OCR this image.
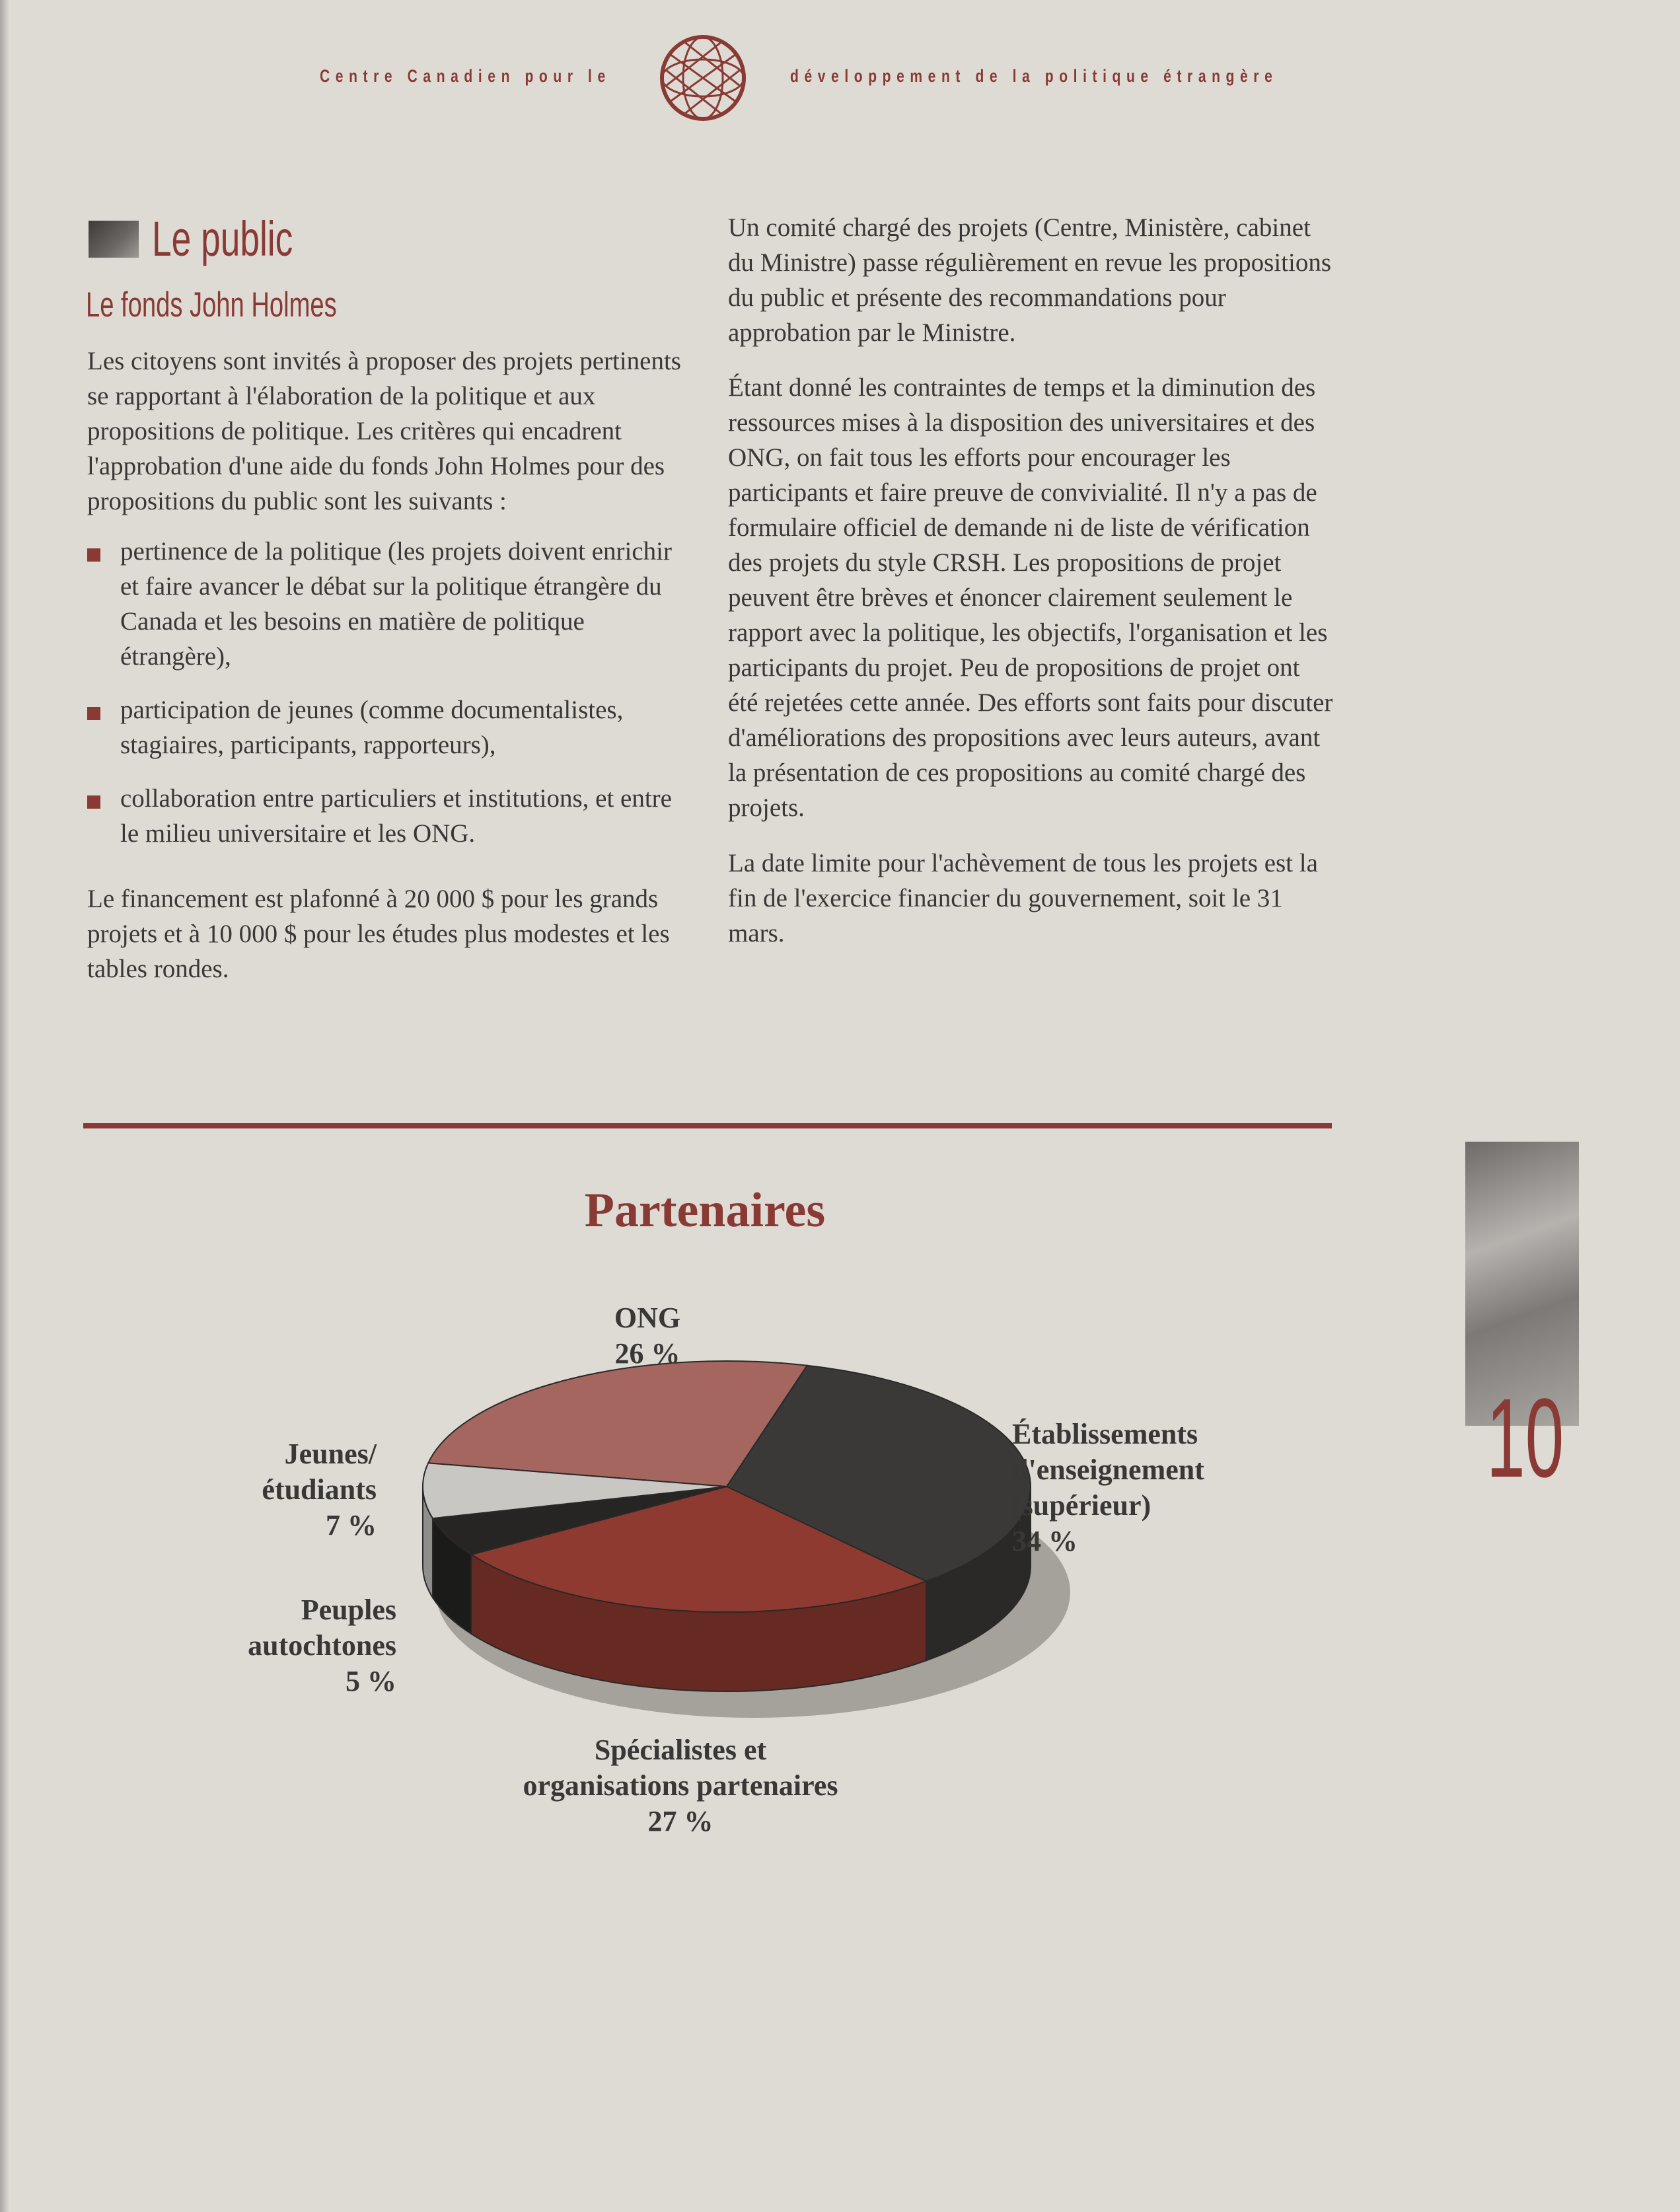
Centre Canadien pour le	développement de la politique étrangère
Le public
Le fonds John Holmes

Les citoyens sont invités à proposer des projets pertinents se rapportant à l'élaboration de la politique et aux propositions de politique. Les critères qui encadrent l'approbation d'une aide du fonds John Holmes pour des propositions du public sont les suivants :

pertinence de la politique (les projets doivent enrichir et faire avancer le débat sur la politique étrangère du Canada et les besoins en matière de politique étrangère),
participation de jeunes (comme documentalistes, stagiaires, participants, rapporteurs),
collaboration entre particuliers et institutions, et entre le milieu universitaire et les ONG.

Le financement est plafonné à 20 000 $ pour les grands projets et à 10 000 $ pour les études plus modestes et les tables rondes.

Un comité chargé des projets (Centre, Ministère, cabinet du Ministre) passe régulièrement en revue les propositions du public et présente des recommandations pour approbation par le Ministre.

Étant donné les contraintes de temps et la diminution des ressources mises à la disposition des universitaires et des ONG, on fait tous les efforts pour encourager les participants et faire preuve de convivialité. Il n'y a pas de formulaire officiel de demande ni de liste de vérification des projets du style CRSH. Les propositions de projet peuvent être brèves et énoncer clairement seulement le rapport avec la politique, les objectifs, l'organisation et les participants du projet. Peu de propositions de projet ont été rejetées cette année. Des efforts sont faits pour discuter d'améliorations des propositions avec leurs auteurs, avant la présentation de ces propositions au comité chargé des projets.

La date limite pour l'achèvement de tous les projets est la fin de l'exercice financier du gouvernement, soit le 31 mars.

Partenaires
ONG
26 %
Établissements
d'enseignement
(supérieur)
34 %
Jeunes/
étudiants
7 %
Peuples
autochtones
5 %
Spécialistes et
organisations partenaires
27 %
10
